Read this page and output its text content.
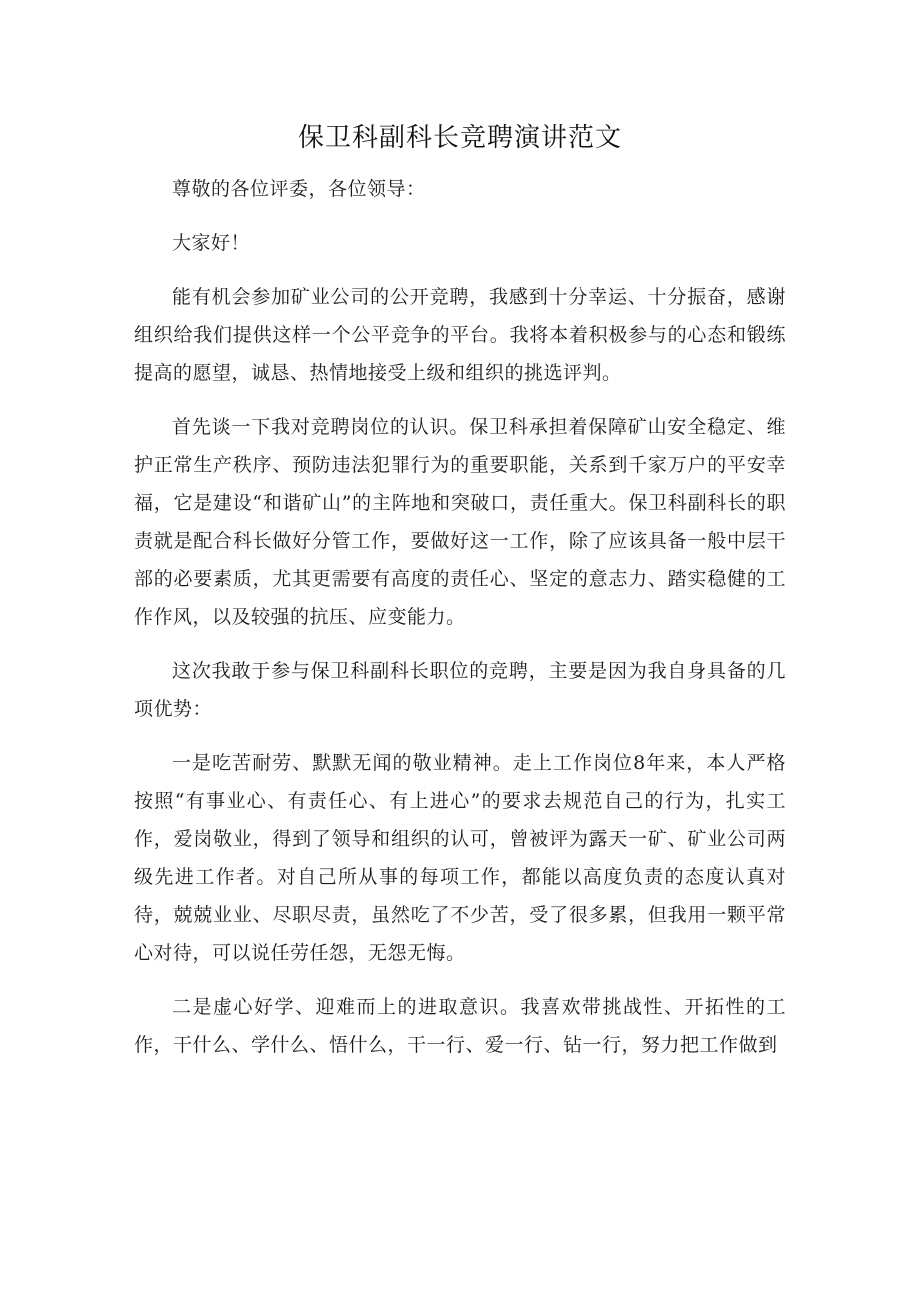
保卫科副科长竞聘演讲范文

尊敬的各位评委，各位领导：

大家好！

能有机会参加矿业公司的公开竞聘，我感到十分幸运、十分振奋，感谢组织给我们提供这样一个公平竞争的平台。我将本着积极参与的心态和锻练提高的愿望，诚恳、热情地接受上级和组织的挑选评判。

首先谈一下我对竞聘岗位的认识。保卫科承担着保障矿山安全稳定、维护正常生产秩序、预防违法犯罪行为的重要职能，关系到千家万户的平安幸福，它是建设“和谐矿山”的主阵地和突破口，责任重大。保卫科副科长的职责就是配合科长做好分管工作，要做好这一工作，除了应该具备一般中层干部的必要素质，尤其更需要有高度的责任心、坚定的意志力、踏实稳健的工作作风，以及较强的抗压、应变能力。

这次我敢于参与保卫科副科长职位的竞聘，主要是因为我自身具备的几项优势：

一是吃苦耐劳、默默无闻的敬业精神。走上工作岗位8年来，本人严格按照“有事业心、有责任心、有上进心”的要求去规范自己的行为，扎实工作，爱岗敬业，得到了领导和组织的认可，曾被评为露天一矿、矿业公司两级先进工作者。对自己所从事的每项工作，都能以高度负责的态度认真对待，兢兢业业、尽职尽责，虽然吃了不少苦，受了很多累，但我用一颗平常心对待，可以说任劳任怨，无怨无悔。

二是虚心好学、迎难而上的进取意识。我喜欢带挑战性、开拓性的工作，干什么、学什么、悟什么，干一行、爱一行、钻一行，努力把工作做到
